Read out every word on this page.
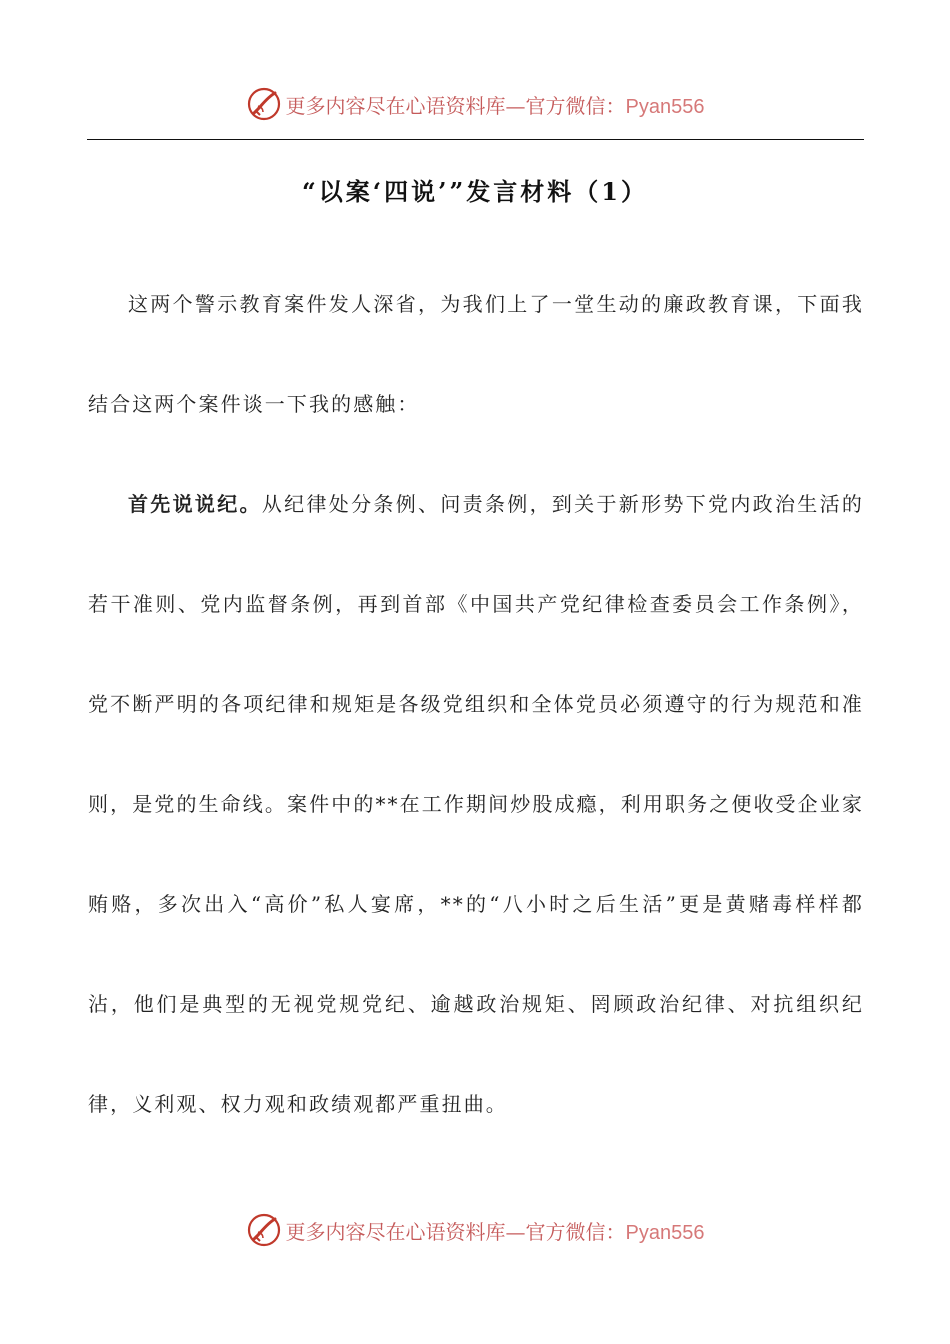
更多内容尽在心语资料库—官方微信：Pyan556
“以案‘四说’”发言材料（1）

这两个警示教育案件发人深省，为我们上了一堂生动的廉政教育课，下面我结合这两个案件谈一下我的感触：

首先说说纪。从纪律处分条例、问责条例，到关于新形势下党内政治生活的若干准则、党内监督条例，再到首部《中国共产党纪律检查委员会工作条例》，党不断严明的各项纪律和规矩是各级党组织和全体党员必须遵守的行为规范和准则，是党的生命线。案件中的**在工作期间炒股成瘾，利用职务之便收受企业家贿赂，多次出入“高价”私人宴席，**的“八小时之后生活”更是黄赌毒样样都沾，他们是典型的无视党规党纪、逾越政治规矩、罔顾政治纪律、对抗组织纪律，义利观、权力观和政绩观都严重扭曲。

更多内容尽在心语资料库—官方微信：Pyan556
